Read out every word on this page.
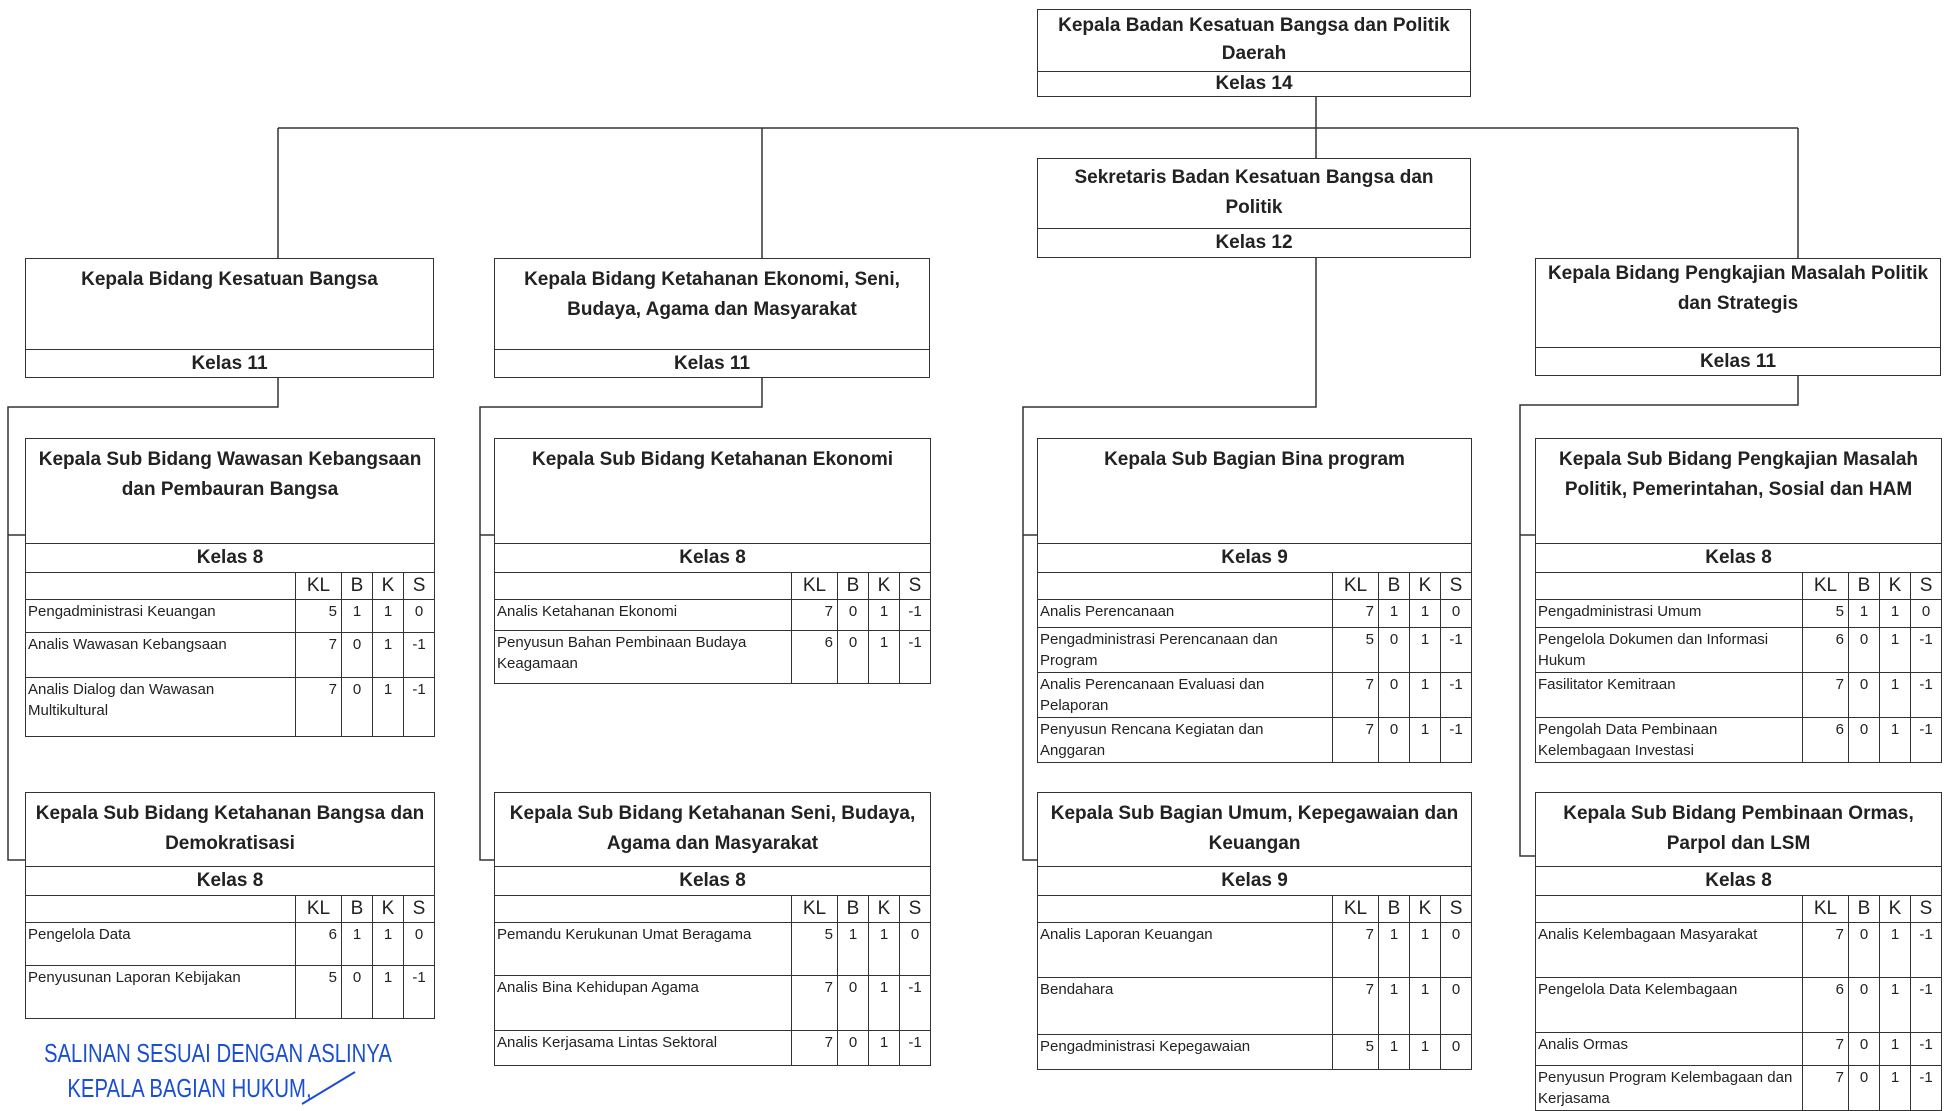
Kepala Badan Kesatuan Bangsa dan Politik Daerah
Kelas 14
Sekretaris Badan Kesatuan Bangsa dan Politik
Kelas 12
Kepala Bidang Kesatuan Bangsa
Kelas 11
Kepala Bidang Ketahanan Ekonomi, Seni, Budaya, Agama dan Masyarakat
Kelas 11
Kepala Bidang Pengkajian Masalah Politik dan Strategis
Kelas 11
Kepala Sub Bidang Wawasan Kebangsaan dan Pembauran Bangsa				
Kelas 8				
	KL	B	K	S
Pengadministrasi Keuangan	5	1	1	0
Analis Wawasan Kebangsaan	7	0	1	-1
Analis Dialog dan Wawasan Multikultural	7	0	1	-1
Kepala Sub Bidang Ketahanan Bangsa dan Demokratisasi				
Kelas 8				
	KL	B	K	S
Pengelola Data	6	1	1	0
Penyusunan Laporan Kebijakan	5	0	1	-1
Kepala Sub Bidang Ketahanan Ekonomi				
Kelas 8				
	KL	B	K	S
Analis Ketahanan Ekonomi	7	0	1	-1
Penyusun Bahan Pembinaan Budaya Keagamaan	6	0	1	-1
Kepala Sub Bidang Ketahanan Seni, Budaya, Agama dan Masyarakat				
Kelas 8				
	KL	B	K	S
Pemandu Kerukunan Umat Beragama	5	1	1	0
Analis Bina Kehidupan Agama	7	0	1	-1
Analis Kerjasama Lintas Sektoral	7	0	1	-1
Kepala Sub Bagian Bina program				
Kelas 9				
	KL	B	K	S
Analis Perencanaan	7	1	1	0
Pengadministrasi Perencanaan dan Program	5	0	1	-1
Analis Perencanaan Evaluasi dan Pelaporan	7	0	1	-1
Penyusun Rencana Kegiatan dan Anggaran	7	0	1	-1
Kepala Sub Bagian Umum, Kepegawaian dan Keuangan				
Kelas 9				
	KL	B	K	S
Analis Laporan Keuangan	7	1	1	0
Bendahara	7	1	1	0
Pengadministrasi Kepegawaian	5	1	1	0
Kepala Sub Bidang Pengkajian Masalah Politik, Pemerintahan, Sosial dan HAM				
Kelas 8				
	KL	B	K	S
Pengadministrasi Umum	5	1	1	0
Pengelola Dokumen dan Informasi Hukum	6	0	1	-1
Fasilitator Kemitraan	7	0	1	-1
Pengolah Data Pembinaan Kelembagaan Investasi	6	0	1	-1
Kepala Sub Bidang Pembinaan Ormas, Parpol dan LSM				
Kelas 8				
	KL	B	K	S
Analis Kelembagaan Masyarakat	7	0	1	-1
Pengelola Data Kelembagaan	6	0	1	-1
Analis Ormas	7	0	1	-1
Penyusun Program Kelembagaan dan Kerjasama	7	0	1	-1
SALINAN SESUAI DENGAN ASLINYA
KEPALA BAGIAN HUKUM,
